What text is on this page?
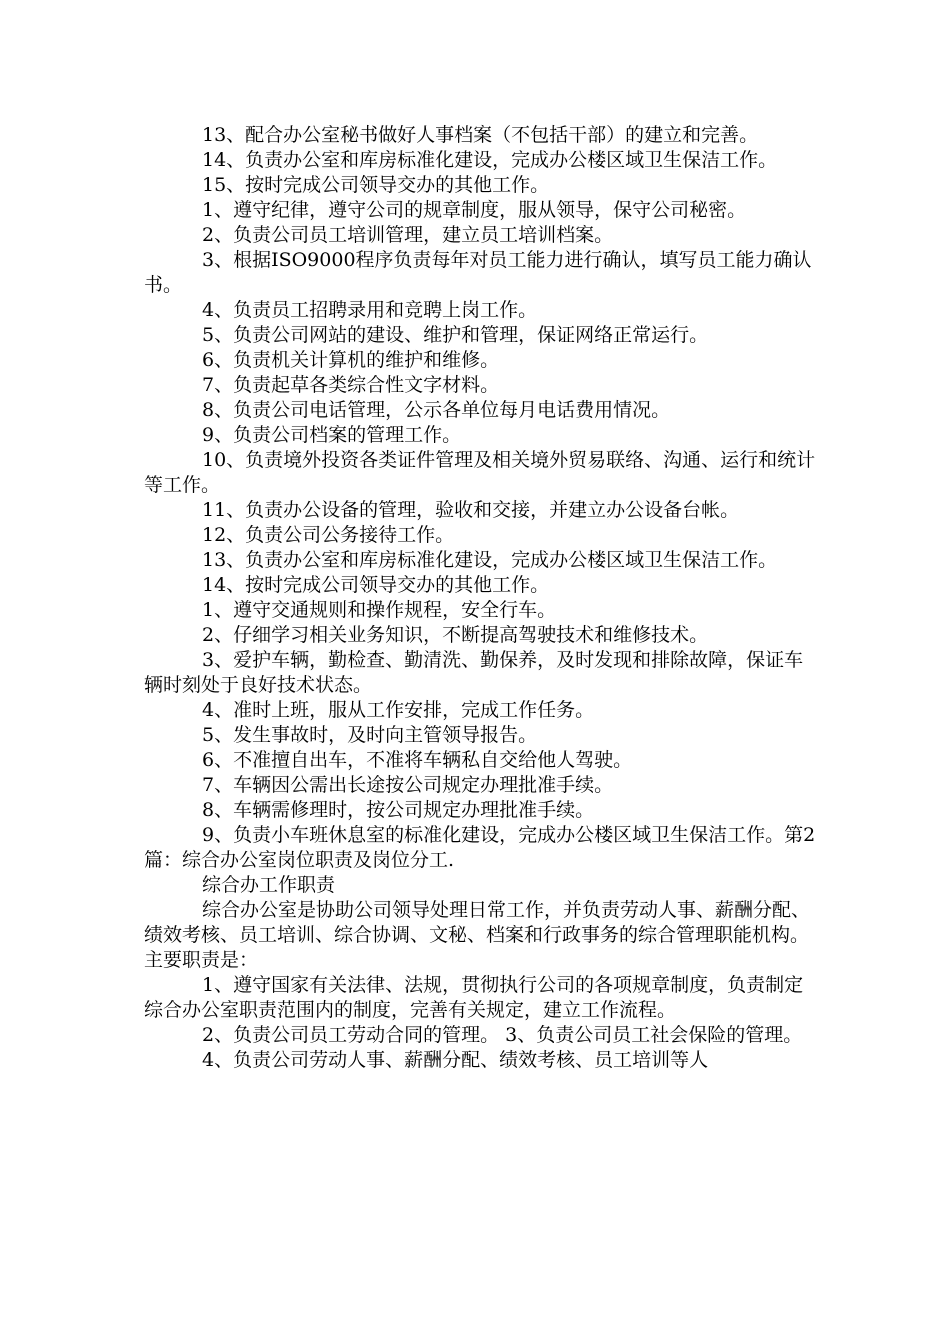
13、配合办公室秘书做好人事档案（不包括干部）的建立和完善。

14、负责办公室和库房标准化建设，完成办公楼区域卫生保洁工作。

15、按时完成公司领导交办的其他工作。

1、遵守纪律，遵守公司的规章制度，服从领导，保守公司秘密。

2、负责公司员工培训管理，建立员工培训档案。

3、根据ISO9000程序负责每年对员工能力进行确认，填写员工能力确认书。

4、负责员工招聘录用和竞聘上岗工作。

5、负责公司网站的建设、维护和管理，保证网络正常运行。

6、负责机关计算机的维护和维修。

7、负责起草各类综合性文字材料。

8、负责公司电话管理，公示各单位每月电话费用情况。

9、负责公司档案的管理工作。

10、负责境外投资各类证件管理及相关境外贸易联络、沟通、运行和统计等工作。

11、负责办公设备的管理，验收和交接，并建立办公设备台帐。

12、负责公司公务接待工作。

13、负责办公室和库房标准化建设，完成办公楼区域卫生保洁工作。

14、按时完成公司领导交办的其他工作。

1、遵守交通规则和操作规程，安全行车。

2、仔细学习相关业务知识，不断提高驾驶技术和维修技术。

3、爱护车辆，勤检查、勤清洗、勤保养，及时发现和排除故障，保证车辆时刻处于良好技术状态。

4、准时上班，服从工作安排，完成工作任务。

5、发生事故时，及时向主管领导报告。

6、不准擅自出车，不准将车辆私自交给他人驾驶。

7、车辆因公需出长途按公司规定办理批准手续。

8、车辆需修理时，按公司规定办理批准手续。

9、负责小车班休息室的标准化建设，完成办公楼区域卫生保洁工作。第2篇：综合办公室岗位职责及岗位分工.

综合办工作职责

综合办公室是协助公司领导处理日常工作，并负责劳动人事、薪酬分配、绩效考核、员工培训、综合协调、文秘、档案和行政事务的综合管理职能机构。主要职责是：

1、遵守国家有关法律、法规，贯彻执行公司的各项规章制度，负责制定综合办公室职责范围内的制度，完善有关规定，建立工作流程。

2、负责公司员工劳动合同的管理。 3、负责公司员工社会保险的管理。

4、负责公司劳动人事、薪酬分配、绩效考核、员工培训等人
